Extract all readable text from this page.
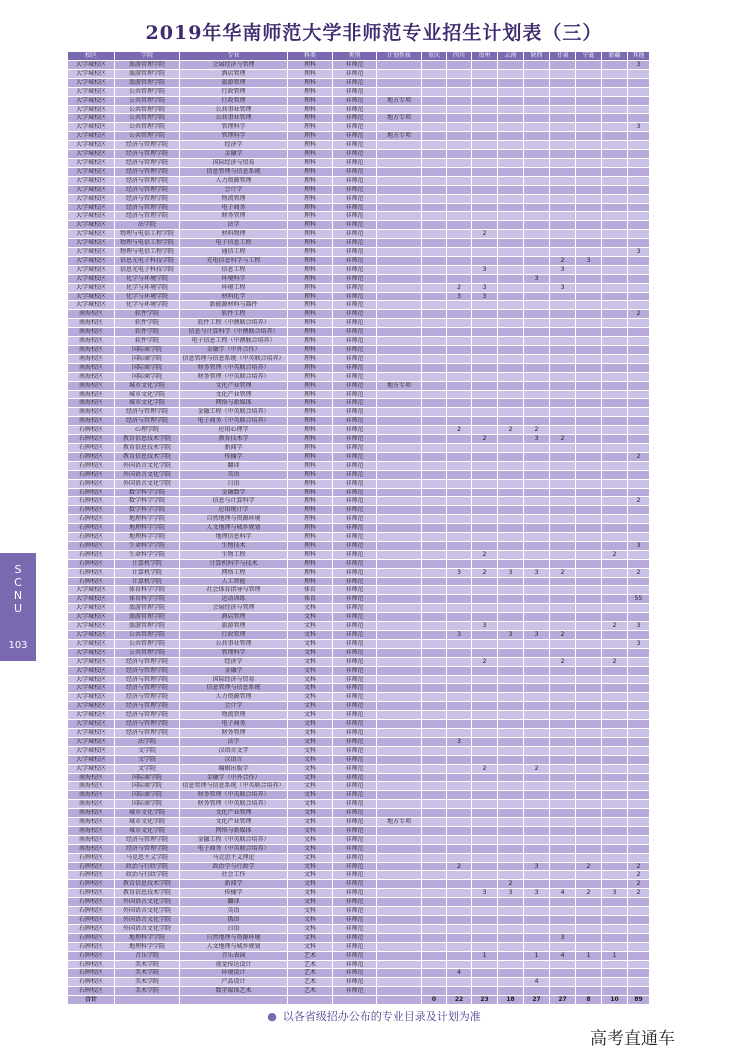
2019年华南师范大学非师范专业招生计划表（三）
校区	学院	专业	科类	类别	计划性质	重庆	四川	贵州	云南	陕西	甘肃	宁夏	新疆	其他
大学城校区	旅游管理学院	会展经济与管理	理科	非师范										3
大学城校区	旅游管理学院	酒店管理	理科	非师范										
大学城校区	旅游管理学院	旅游管理	理科	非师范										
大学城校区	公共管理学院	行政管理	理科	非师范										
大学城校区	公共管理学院	行政管理	理科	非师范	地方专项									
大学城校区	公共管理学院	公共事业管理	理科	非师范										
大学城校区	公共管理学院	公共事业管理	理科	非师范	地方专项									
大学城校区	公共管理学院	管理科学	理科	非师范										3
大学城校区	公共管理学院	管理科学	理科	非师范	地方专项									
大学城校区	经济与管理学院	经济学	理科	非师范										
大学城校区	经济与管理学院	金融学	理科	非师范										
大学城校区	经济与管理学院	国际经济与贸易	理科	非师范										
大学城校区	经济与管理学院	信息管理与信息系统	理科	非师范										
大学城校区	经济与管理学院	人力资源管理	理科	非师范										
大学城校区	经济与管理学院	会计学	理科	非师范										
大学城校区	经济与管理学院	物流管理	理科	非师范										
大学城校区	经济与管理学院	电子商务	理科	非师范										
大学城校区	经济与管理学院	财务管理	理科	非师范										
大学城校区	法学院	法学	理科	非师范										
大学城校区	物理与电信工程学院	材料物理	理科	非师范				2						
大学城校区	物理与电信工程学院	电子信息工程	理科	非师范										
大学城校区	物理与电信工程学院	通信工程	理科	非师范										3
大学城校区	信息光电子科技学院	光电信息科学与工程	理科	非师范							2	3		
大学城校区	信息光电子科技学院	信息工程	理科	非师范				3			3			
大学城校区	化学与环境学院	环境科学	理科	非师范						3				
大学城校区	化学与环境学院	环境工程	理科	非师范			2	3			3			
大学城校区	化学与环境学院	材料化学	理科	非师范			3	3						
大学城校区	化学与环境学院	新能源材料与器件	理科	非师范										
南海校区	软件学院	软件工程	理科	非师范										2
南海校区	软件学院	软件工程（中澳联合培养）	理科	非师范										
南海校区	软件学院	信息与计算科学（中澳联合培养）	理科	非师范										
南海校区	软件学院	电子信息工程（中澳联合培养）	理科	非师范										
南海校区	国际商学院	金融学（中外合作）	理科	非师范										
南海校区	国际商学院	信息管理与信息系统（中英联合培养）	理科	非师范										
南海校区	国际商学院	财务管理（中英联合培养）	理科	非师范										
南海校区	国际商学院	财务管理（中英联合培养）	理科	非师范										
南海校区	城市文化学院	文化产业管理	理科	非师范	地方专项									
南海校区	城市文化学院	文化产业管理	理科	非师范										
南海校区	城市文化学院	网络与新媒体	理科	非师范										
南海校区	经济与管理学院	金融工程（中英联合培养）	理科	非师范										
南海校区	经济与管理学院	电子商务（中英联合培养）	理科	非师范										
石牌校区	心理学院	应用心理学	理科	非师范			2		2	2				
石牌校区	教育信息技术学院	教育技术学	理科	非师范				2		3	2			
石牌校区	教育信息技术学院	新闻学	理科	非师范										
石牌校区	教育信息技术学院	传播学	理科	非师范										2
石牌校区	外国语言文化学院	翻译	理科	非师范										
石牌校区	外国语言文化学院	英语	理科	非师范										
石牌校区	外国语言文化学院	日语	理科	非师范										
石牌校区	数学科学学院	金融数学	理科	非师范										
石牌校区	数学科学学院	信息与计算科学	理科	非师范										2
石牌校区	数学科学学院	应用统计学	理科	非师范										
石牌校区	地理科学学院	自然地理与资源环境	理科	非师范										
石牌校区	地理科学学院	人文地理与城乡规划	理科	非师范										
石牌校区	地理科学学院	地理信息科学	理科	非师范										
石牌校区	生命科学学院	生物技术	理科	非师范										3
石牌校区	生命科学学院	生物工程	理科	非师范				2					2	
石牌校区	计算机学院	计算机科学与技术	理科	非师范										
石牌校区	计算机学院	网络工程	理科	非师范			3	2	3	3	2			2
石牌校区	计算机学院	人工智能	理科	非师范										
大学城校区	体育科学学院	社会体育指导与管理	体育	非师范										
大学城校区	体育科学学院	运动训练	体育	非师范										55
大学城校区	旅游管理学院	会展经济与管理	文科	非师范										
大学城校区	旅游管理学院	酒店管理	文科	非师范										
大学城校区	旅游管理学院	旅游管理	文科	非师范				3					2	3
大学城校区	公共管理学院	行政管理	文科	非师范			3		3	3	2			
大学城校区	公共管理学院	公共事业管理	文科	非师范										3
大学城校区	公共管理学院	管理科学	文科	非师范										
大学城校区	经济与管理学院	经济学	文科	非师范				2			2		2	
大学城校区	经济与管理学院	金融学	文科	非师范										
大学城校区	经济与管理学院	国际经济与贸易	文科	非师范										
大学城校区	经济与管理学院	信息管理与信息系统	文科	非师范										
大学城校区	经济与管理学院	人力资源管理	文科	非师范										
大学城校区	经济与管理学院	会计学	文科	非师范										
大学城校区	经济与管理学院	物流管理	文科	非师范										
大学城校区	经济与管理学院	电子商务	文科	非师范										
大学城校区	经济与管理学院	财务管理	文科	非师范										
大学城校区	法学院	法学	文科	非师范			3							
大学城校区	文学院	汉语言文学	文科	非师范										
大学城校区	文学院	汉语言	文科	非师范										
大学城校区	文学院	编辑出版学	文科	非师范				2		2				
南海校区	国际商学院	金融学（中外合作）	文科	非师范										
南海校区	国际商学院	信息管理与信息系统（中英联合培养）	文科	非师范										
南海校区	国际商学院	财务管理（中英联合培养）	文科	非师范										
南海校区	国际商学院	财务管理（中英联合培养）	文科	非师范										
南海校区	城市文化学院	文化产业管理	文科	非师范										
南海校区	城市文化学院	文化产业管理	文科	非师范	地方专项									
南海校区	城市文化学院	网络与新媒体	文科	非师范										
南海校区	经济与管理学院	金融工程（中英联合培养）	文科	非师范										
南海校区	经济与管理学院	电子商务（中英联合培养）	文科	非师范										
石牌校区	马克思主义学院	马克思主义理论	文科	非师范										
石牌校区	政治与行政学院	政治学与行政学	文科	非师范			2			3		2		2
石牌校区	政治与行政学院	社会工作	文科	非师范										2
石牌校区	教育信息技术学院	新闻学	文科	非师范					2					2
石牌校区	教育信息技术学院	传播学	文科	非师范				3	3	3	4	2	3	2
石牌校区	外国语言文化学院	翻译	文科	非师范										
石牌校区	外国语言文化学院	英语	文科	非师范										
石牌校区	外国语言文化学院	俄语	文科	非师范										
石牌校区	外国语言文化学院	日语	文科	非师范										
石牌校区	地理科学学院	自然地理与资源环境	文科	非师范							3			
石牌校区	地理科学学院	人文地理与城乡规划	文科	非师范										
石牌校区	音乐学院	音乐表演	艺术	非师范				1		1	4	1	1	
石牌校区	美术学院	视觉传达设计	艺术	非师范										
石牌校区	美术学院	环境设计	艺术	非师范			4							
石牌校区	美术学院	产品设计	艺术	非师范						4				
石牌校区	美术学院	数字媒体艺术	艺术	非师范										
合计						0	22	23	18	27	27	8	10	89
S
C
N
U
103
● 以各省级招办公布的专业目录及计划为准
高考直通车
